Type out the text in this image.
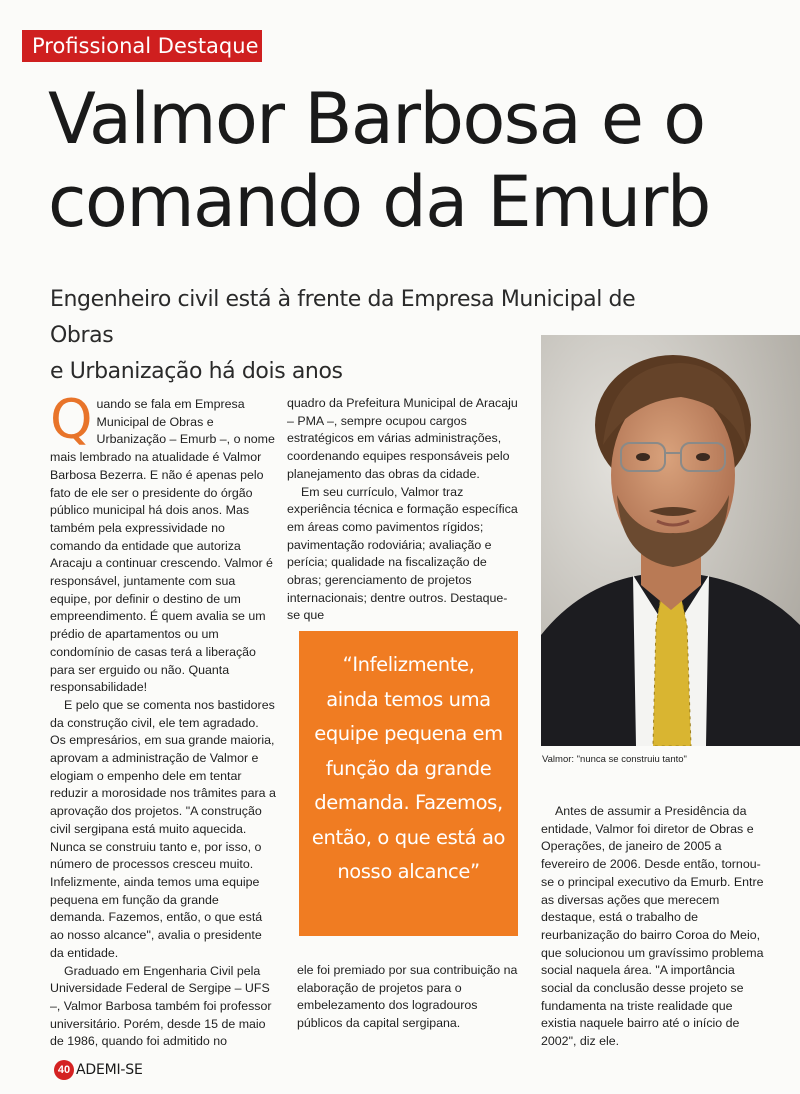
Profissional Destaque
Valmor Barbosa e o
comando da Emurb
Engenheiro civil está à frente da Empresa Municipal de Obras
e Urbanização há dois anos

Quando se fala em Empresa Municipal de Obras e Urbanização – Emurb –, o nome mais lembrado na atualidade é Valmor Barbosa Bezerra. E não é apenas pelo fato de ele ser o presidente do órgão público municipal há dois anos. Mas também pela expressividade no comando da entidade que autoriza Aracaju a continuar crescendo. Valmor é responsável, juntamente com sua equipe, por definir o destino de um empreendimento. É quem avalia se um prédio de apartamentos ou um condomínio de casas terá a liberação para ser erguido ou não. Quanta responsabilidade!

E pelo que se comenta nos bastidores da construção civil, ele tem agradado. Os empresários, em sua grande maioria, aprovam a administração de Valmor e elogiam o empenho dele em tentar reduzir a morosidade nos trâmites para a aprovação dos projetos. "A construção civil sergipana está muito aquecida. Nunca se construiu tanto e, por isso, o número de processos cresceu muito. Infelizmente, ainda temos uma equipe pequena em função da grande demanda. Fazemos, então, o que está ao nosso alcance", avalia o presidente da entidade.

Graduado em Engenharia Civil pela Universidade Federal de Sergipe – UFS –, Valmor Barbosa também foi professor universitário. Porém, desde 15 de maio de 1986, quando foi admitido no

quadro da Prefeitura Municipal de Aracaju – PMA –, sempre ocupou cargos estratégicos em várias administrações, coordenando equipes responsáveis pelo planejamento das obras da cidade.

Em seu currículo, Valmor traz experiência técnica e formação específica em áreas como pavimentos rígidos; pavimentação rodoviária; avaliação e perícia; qualidade na fiscalização de obras; gerenciamento de projetos internacionais; dentre outros. Destaque-se que

“Infelizmente,
ainda temos uma
equipe pequena em
função da grande
demanda. Fazemos,
então, o que está ao
nosso alcance”

ele foi premiado por sua contribuição na elaboração de projetos para o embelezamento dos logradouros públicos da capital sergipana.

Valmor: "nunca se construiu tanto"

Antes de assumir a Presidência da entidade, Valmor foi diretor de Obras e Operações, de janeiro de 2005 a fevereiro de 2006. Desde então, tornou-se o principal executivo da Emurb. Entre as diversas ações que merecem destaque, está o trabalho de reurbanização do bairro Coroa do Meio, que solucionou um gravíssimo problema social naquela área. "A importância social da conclusão desse projeto se fundamenta na triste realidade que existia naquele bairro até o início de 2002", diz ele.

40 ADEMI-SE
